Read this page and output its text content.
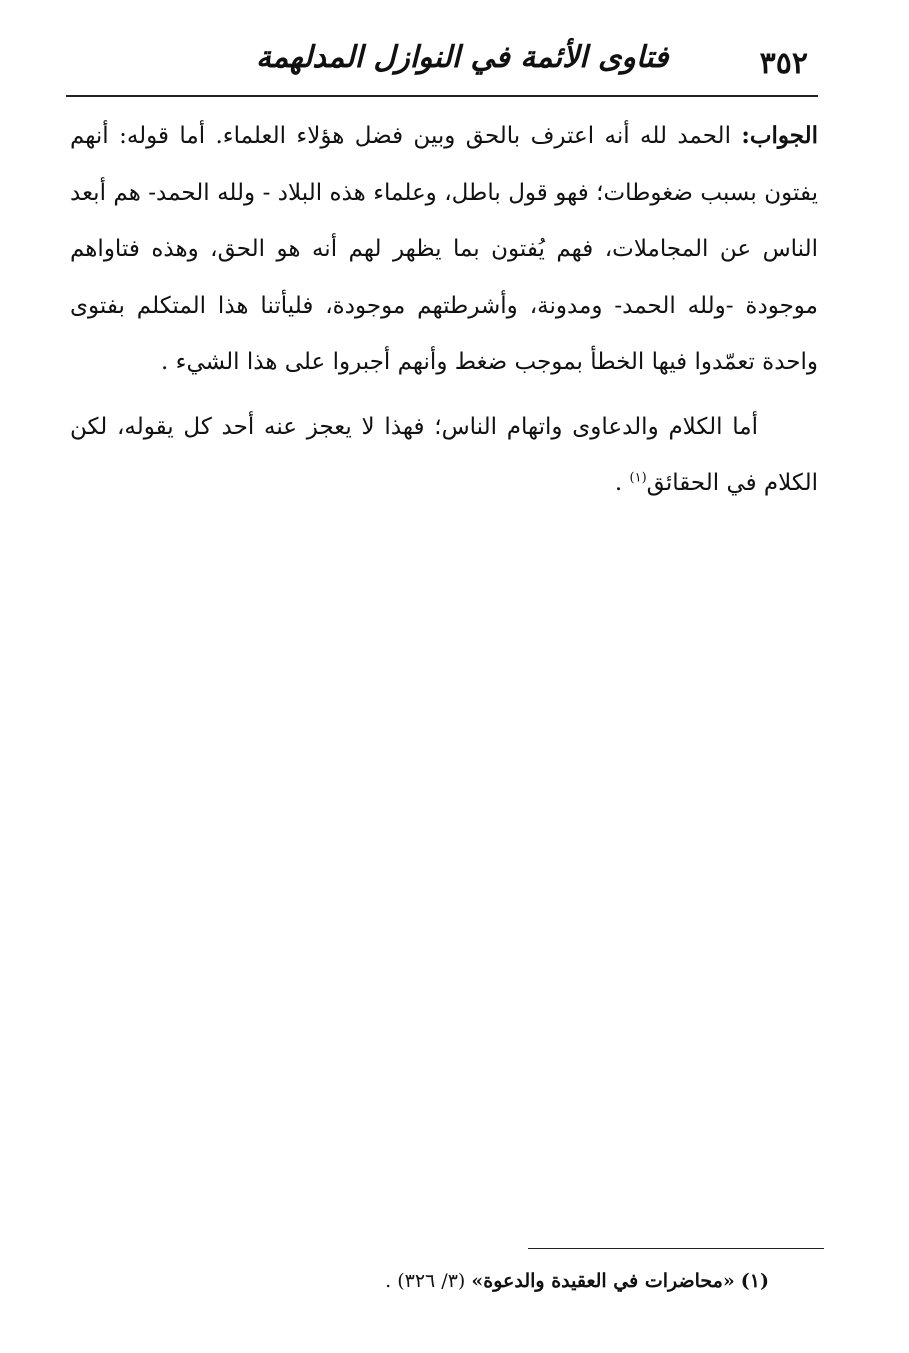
٣٥٢
فتاوى الأئمة في النوازل المدلهمة

الجواب: الحمد لله أنه اعترف بالحق وبين فضل هؤلاء العلماء. أما قوله: أنهم يفتون بسبب ضغوطات؛ فهو قول باطل، وعلماء هذه البلاد - ولله الحمد- هم أبعد الناس عن المجاملات، فهم يُفتون بما يظهر لهم أنه هو الحق، وهذه فتاواهم موجودة -ولله الحمد- ومدونة، وأشرطتهم موجودة، فليأتنا هذا المتكلم بفتوى واحدة تعمّدوا فيها الخطأ بموجب ضغط وأنهم أجبروا على هذا الشيء .

أما الكلام والدعاوى واتهام الناس؛ فهذا لا يعجز عنه أحد كل يقوله، لكن الكلام في الحقائق$^{(١)}$ .

(١) «محاضرات في العقيدة والدعوة» (٣/ ٣٢٦) .
